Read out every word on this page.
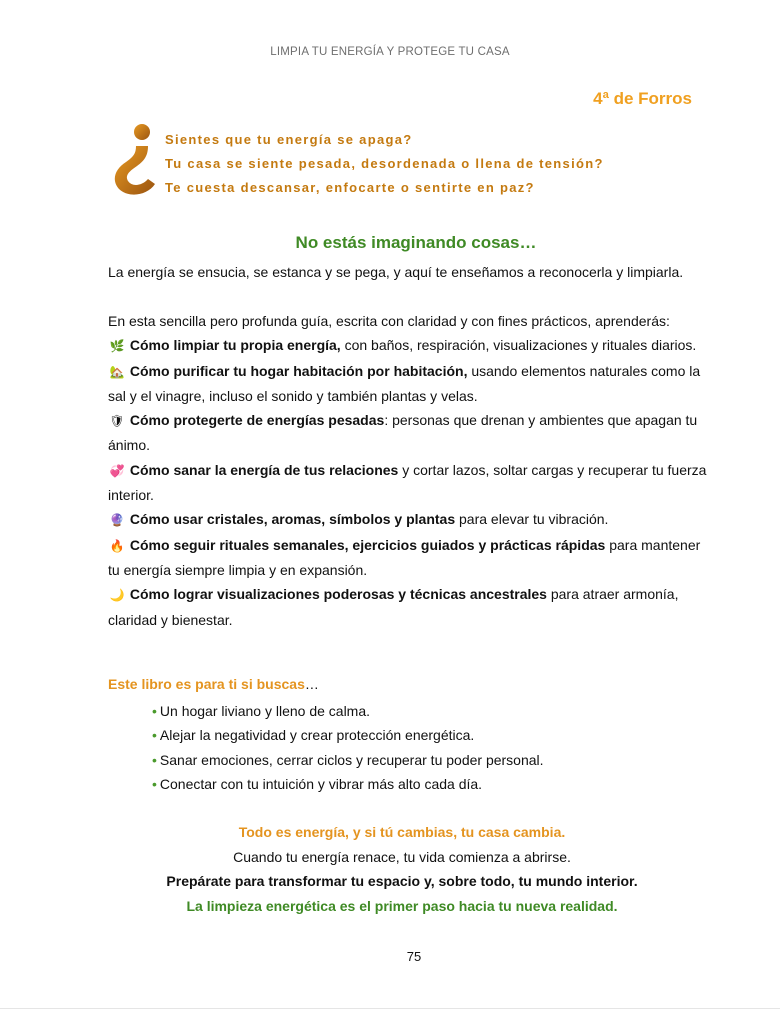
LIMPIA TU ENERGÍA Y PROTEGE TU CASA
4ª de Forros
Sientes que tu energía se apaga?
Tu casa se siente pesada, desordenada o llena de tensión?
Te cuesta descansar, enfocarte o sentirte en paz?
No estás imaginando cosas…
La energía se ensucia, se estanca y se pega, y aquí te enseñamos a reconocerla y limpiarla.
En esta sencilla pero profunda guía, escrita con claridad y con fines prácticos, aprenderás:
🌿 Cómo limpiar tu propia energía, con baños, respiración, visualizaciones y rituales diarios.
🏡 Cómo purificar tu hogar habitación por habitación, usando elementos naturales como la sal y el vinagre, incluso el sonido y también plantas y velas.
🛡 Cómo protegerte de energías pesadas: personas que drenan y ambientes que apagan tu ánimo.
💞 Cómo sanar la energía de tus relaciones y cortar lazos, soltar cargas y recuperar tu fuerza interior.
🔮 Cómo usar cristales, aromas, símbolos y plantas para elevar tu vibración.
🔥 Cómo seguir rituales semanales, ejercicios guiados y prácticas rápidas para mantener tu energía siempre limpia y en expansión.
🌙 Cómo lograr visualizaciones poderosas y técnicas ancestrales para atraer armonía, claridad y bienestar.
Este libro es para ti si buscas…
• Un hogar liviano y lleno de calma.
• Alejar la negatividad y crear protección energética.
• Sanar emociones, cerrar ciclos y recuperar tu poder personal.
• Conectar con tu intuición y vibrar más alto cada día.
Todo es energía, y si tú cambias, tu casa cambia.
Cuando tu energía renace, tu vida comienza a abrirse.
Prepárate para transformar tu espacio y, sobre todo, tu mundo interior.
La limpieza energética es el primer paso hacia tu nueva realidad.
75
